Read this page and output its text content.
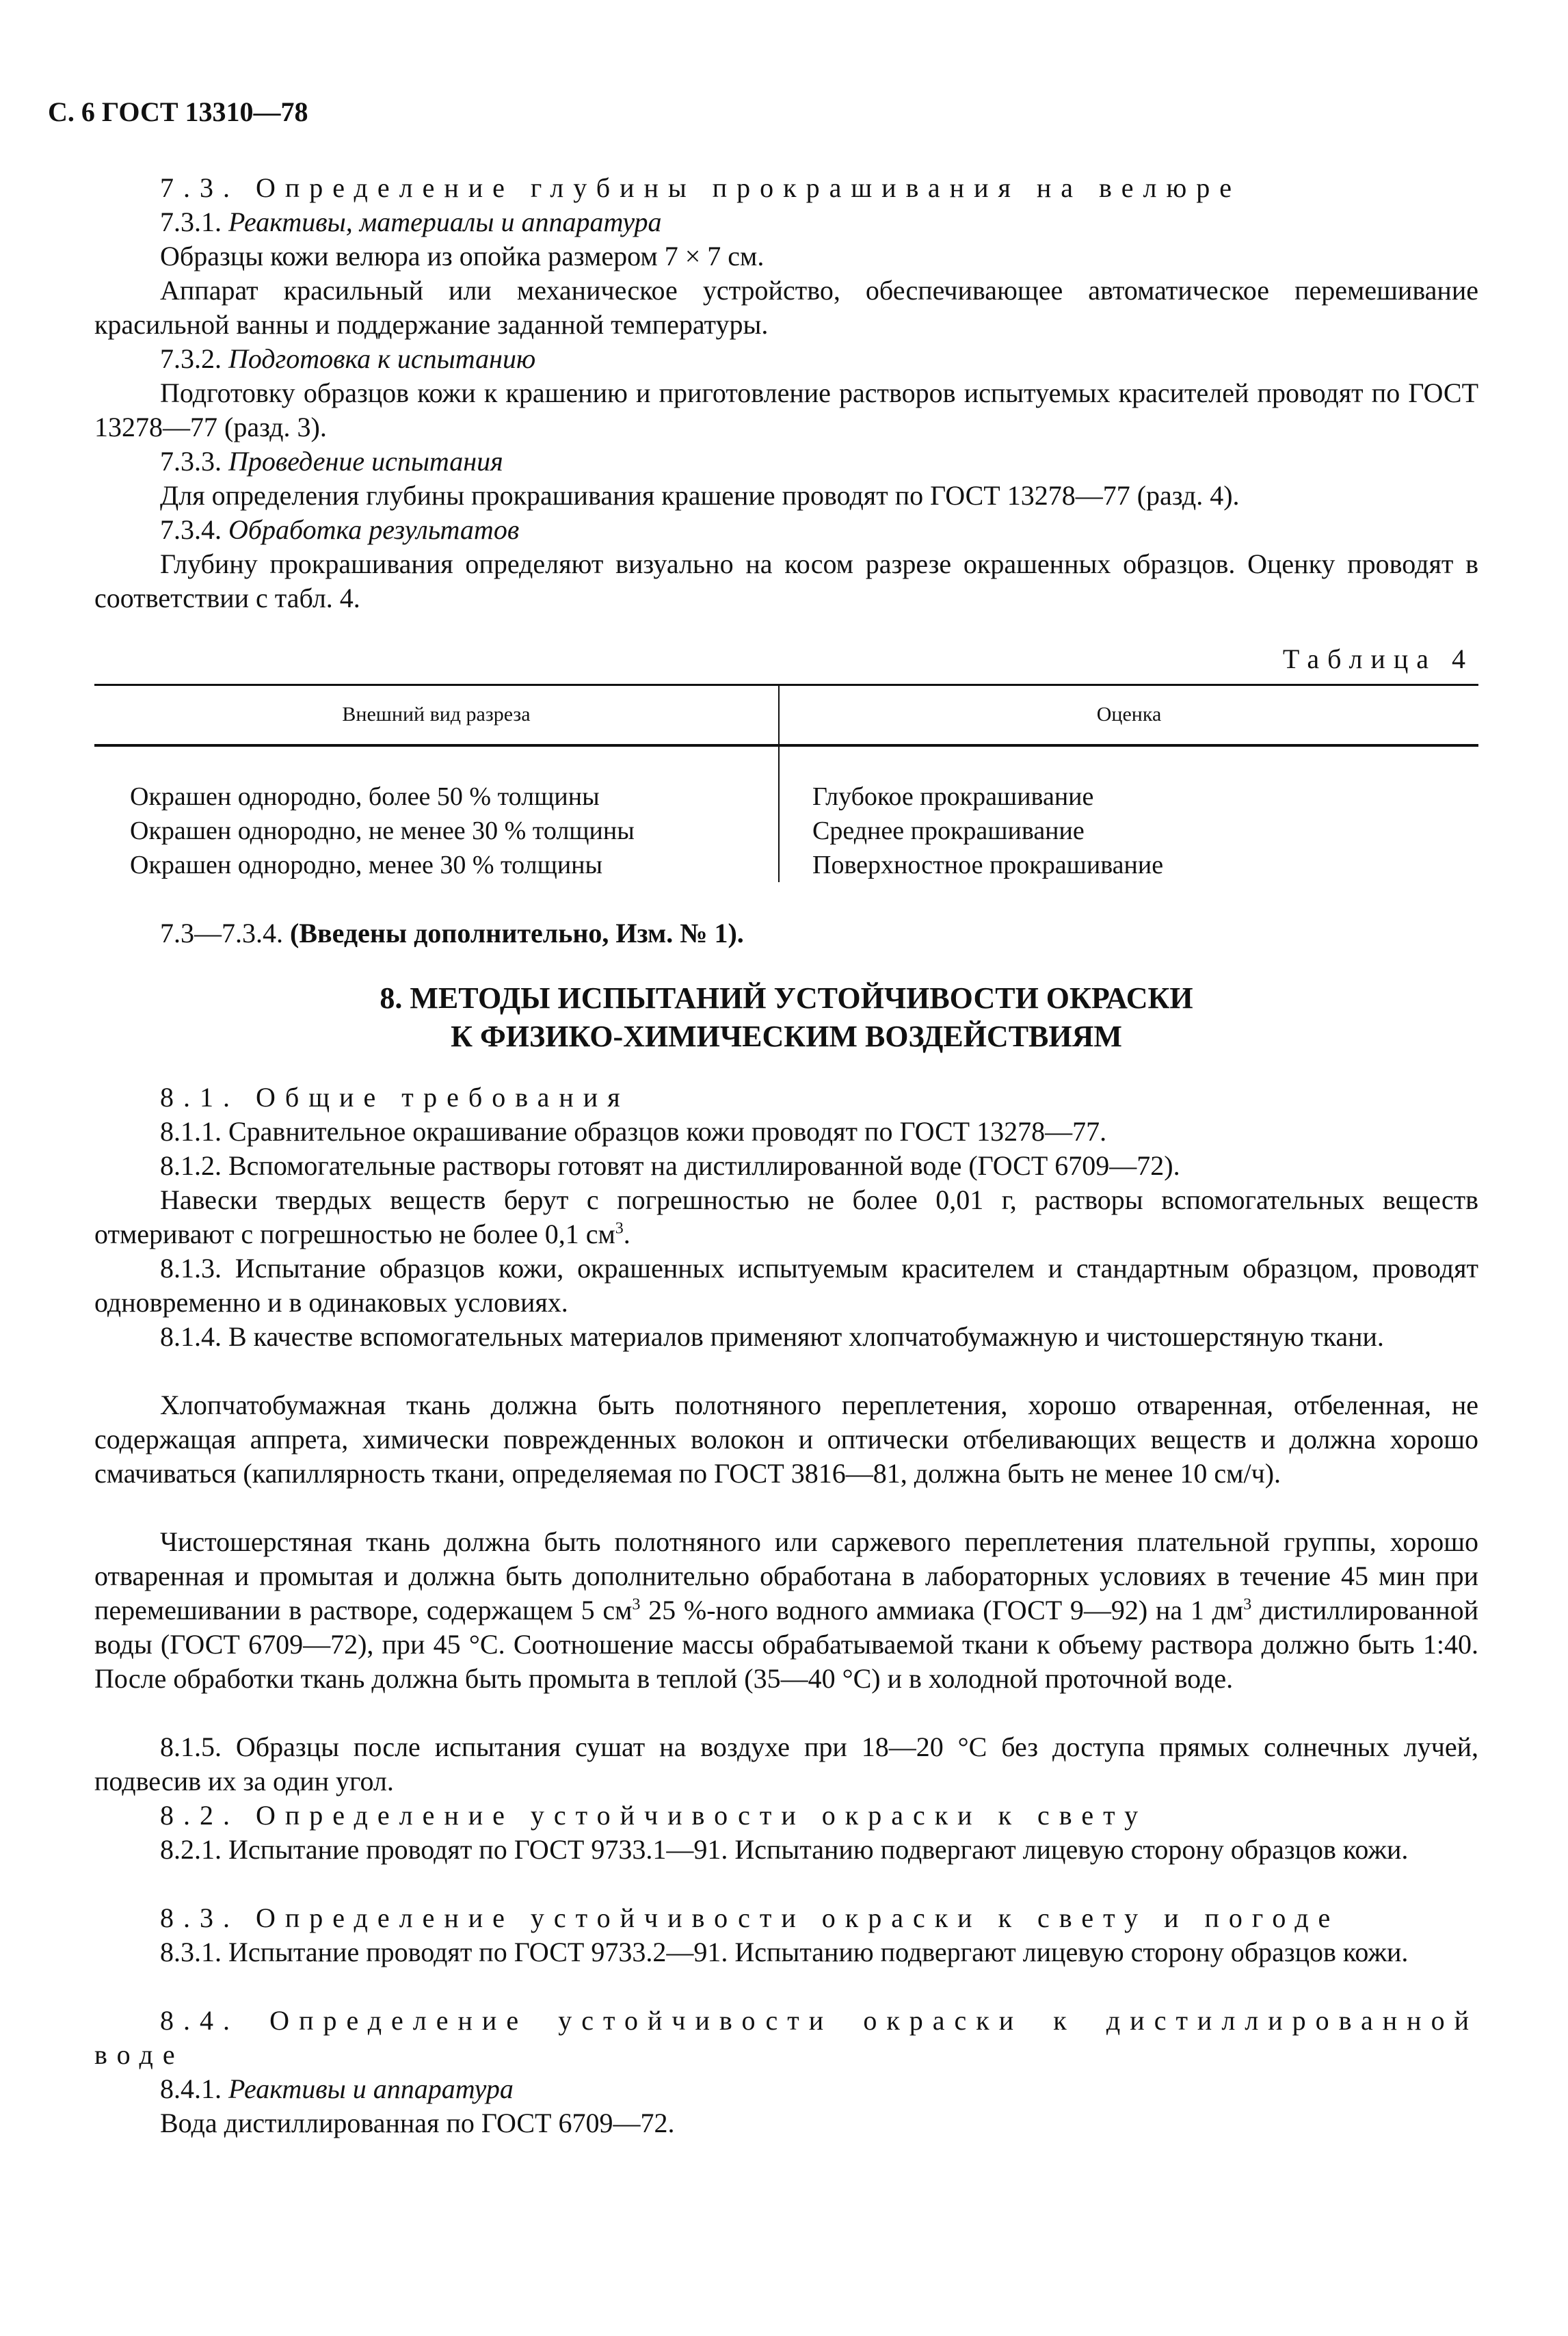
С. 6 ГОСТ 13310—78
7.3. Определение глубины прокрашивания на велюре
7.3.1. Реактивы, материалы и аппаратура
Образцы кожи велюра из опойка размером 7 × 7 см.
Аппарат красильный или механическое устройство, обеспечивающее автоматическое перемешивание красильной ванны и поддержание заданной температуры.
7.3.2. Подготовка к испытанию
Подготовку образцов кожи к крашению и приготовление растворов испытуемых красителей проводят по ГОСТ 13278—77 (разд. 3).
7.3.3. Проведение испытания
Для определения глубины прокрашивания крашение проводят по ГОСТ 13278—77 (разд. 4).
7.3.4. Обработка результатов
Глубину прокрашивания определяют визуально на косом разрезе окрашенных образцов. Оценку проводят в соответствии с табл. 4.
Таблица 4
Внешний вид разреза	Оценка
Окрашен однородно, более 50 % толщины	Глубокое прокрашивание
Окрашен однородно, не менее 30 % толщины	Среднее прокрашивание
Окрашен однородно, менее 30 % толщины	Поверхностное прокрашивание
7.3—7.3.4. (Введены дополнительно, Изм. № 1).
8. МЕТОДЫ ИСПЫТАНИЙ УСТОЙЧИВОСТИ ОКРАСКИ
К ФИЗИКО-ХИМИЧЕСКИМ ВОЗДЕЙСТВИЯМ
8.1. Общие требования
8.1.1. Сравнительное окрашивание образцов кожи проводят по ГОСТ 13278—77.
8.1.2. Вспомогательные растворы готовят на дистиллированной воде (ГОСТ 6709—72).
Навески твердых веществ берут с погрешностью не более 0,01 г, растворы вспомогательных веществ отмеривают с погрешностью не более 0,1 $см^3$.
8.1.3. Испытание образцов кожи, окрашенных испытуемым красителем и стандартным образцом, проводят одновременно и в одинаковых условиях.
8.1.4. В качестве вспомогательных материалов применяют хлопчатобумажную и чистошерстяную ткани.
Хлопчатобумажная ткань должна быть полотняного переплетения, хорошо отваренная, отбеленная, не содержащая аппрета, химически поврежденных волокон и оптически отбеливающих веществ и должна хорошо смачиваться (капиллярность ткани, определяемая по ГОСТ 3816—81, должна быть не менее 10 см/ч).
Чистошерстяная ткань должна быть полотняного или саржевого переплетения плательной группы, хорошо отваренная и промытая и должна быть дополнительно обработана в лабораторных условиях в течение 45 мин при перемешивании в растворе, содержащем 5 $см^3$ 25 %-ного водного аммиака (ГОСТ 9—92) на 1 $дм^3$ дистиллированной воды (ГОСТ 6709—72), при 45 °С. Соотношение массы обрабатываемой ткани к объему раствора должно быть 1:40. После обработки ткань должна быть промыта в теплой (35—40 °С) и в холодной проточной воде.
8.1.5. Образцы после испытания сушат на воздухе при 18—20 °С без доступа прямых солнечных лучей, подвесив их за один угол.
8.2. Определение устойчивости окраски к свету
8.2.1. Испытание проводят по ГОСТ 9733.1—91. Испытанию подвергают лицевую сторону образцов кожи.
8.3. Определение устойчивости окраски к свету и погоде
8.3.1. Испытание проводят по ГОСТ 9733.2—91. Испытанию подвергают лицевую сторону образцов кожи.
8.4. Определение устойчивости окраски к дистиллированной воде
8.4.1. Реактивы и аппаратура
Вода дистиллированная по ГОСТ 6709—72.
